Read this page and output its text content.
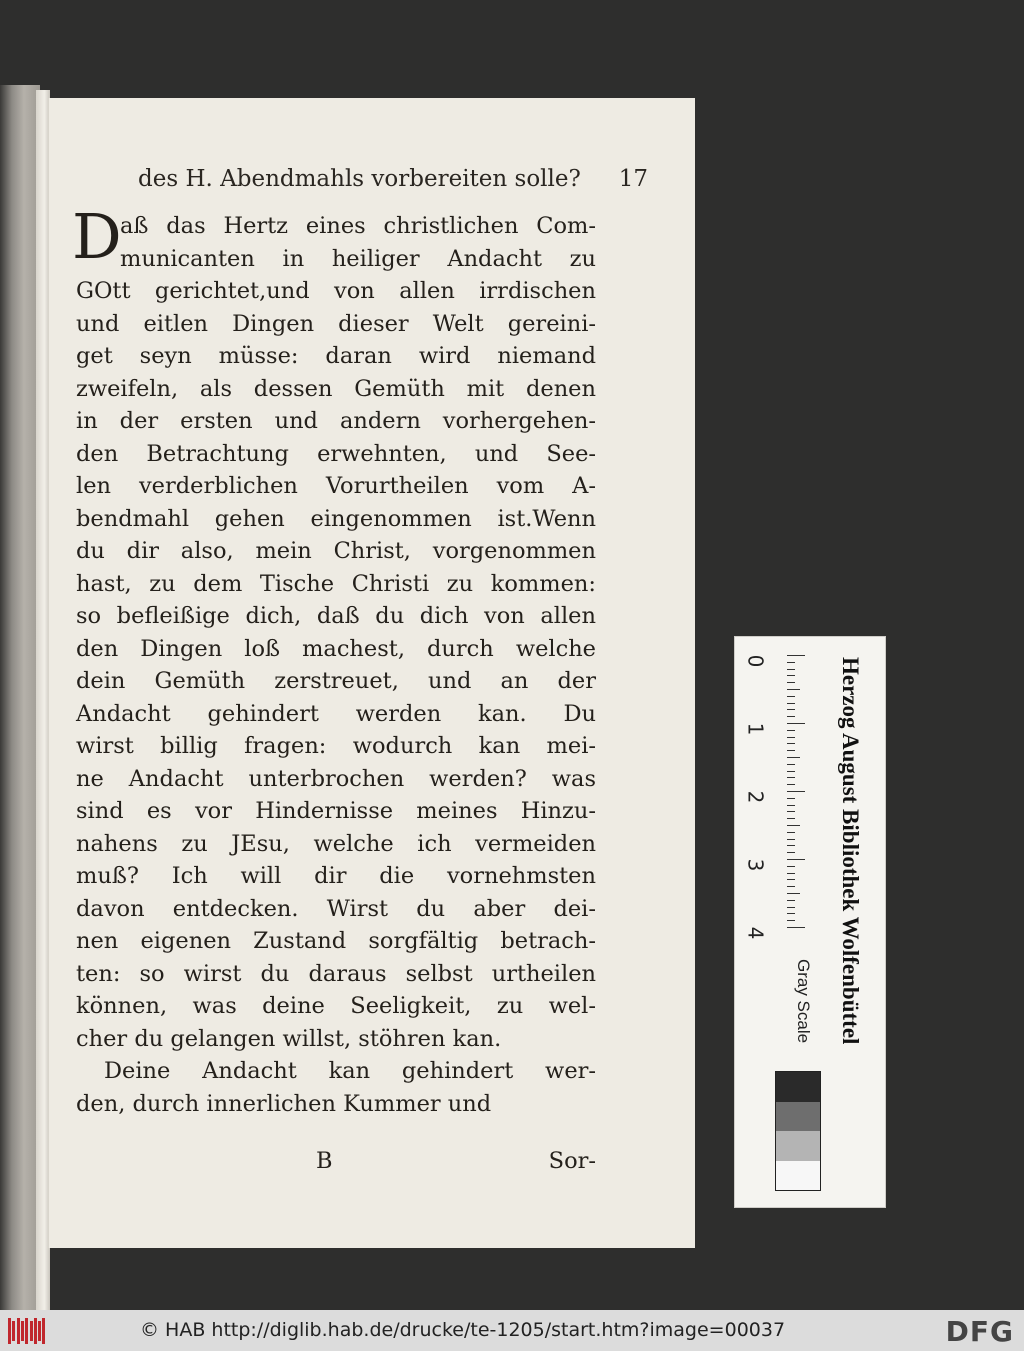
des H. Abendmahls vorbereiten solle? 17
D
aß das Hertz eines christlichen Com-
municanten in heiliger Andacht zu
GOtt gerichtet,und von allen irrdischen
und eitlen Dingen dieser Welt gereini-
get seyn müsse: daran wird niemand
zweifeln, als dessen Gemüth mit denen
in der ersten und andern vorhergehen-
den Betrachtung erwehnten, und See-
len verderblichen Vorurtheilen vom A-
bendmahl gehen eingenommen ist.Wenn
du dir also, mein Christ, vorgenommen
hast, zu dem Tische Christi zu kommen:
so befleißige dich, daß du dich von allen
den Dingen loß machest, durch welche
dein Gemüth zerstreuet, und an der
Andacht gehindert werden kan. Du
wirst billig fragen: wodurch kan mei-
ne Andacht unterbrochen werden? was
sind es vor Hindernisse meines Hinzu-
nahens zu JEsu, welche ich vermeiden
muß? Ich will dir die vornehmsten
davon entdecken. Wirst du aber dei-
nen eigenen Zustand sorgfältig betrach-
ten: so wirst du daraus selbst urtheilen
können, was deine Seeligkeit, zu wel-
cher du gelangen willst, stöhren kan.
Deine Andacht kan gehindert wer-
den, durch innerlichen Kummer und
B	Sor-
0
1
2
3
4	Herzog August Bibliothek Wolfenbüttel
Gray Scale
© HAB http://diglib.hab.de/drucke/te-1205/start.htm?image=00037	DFG
